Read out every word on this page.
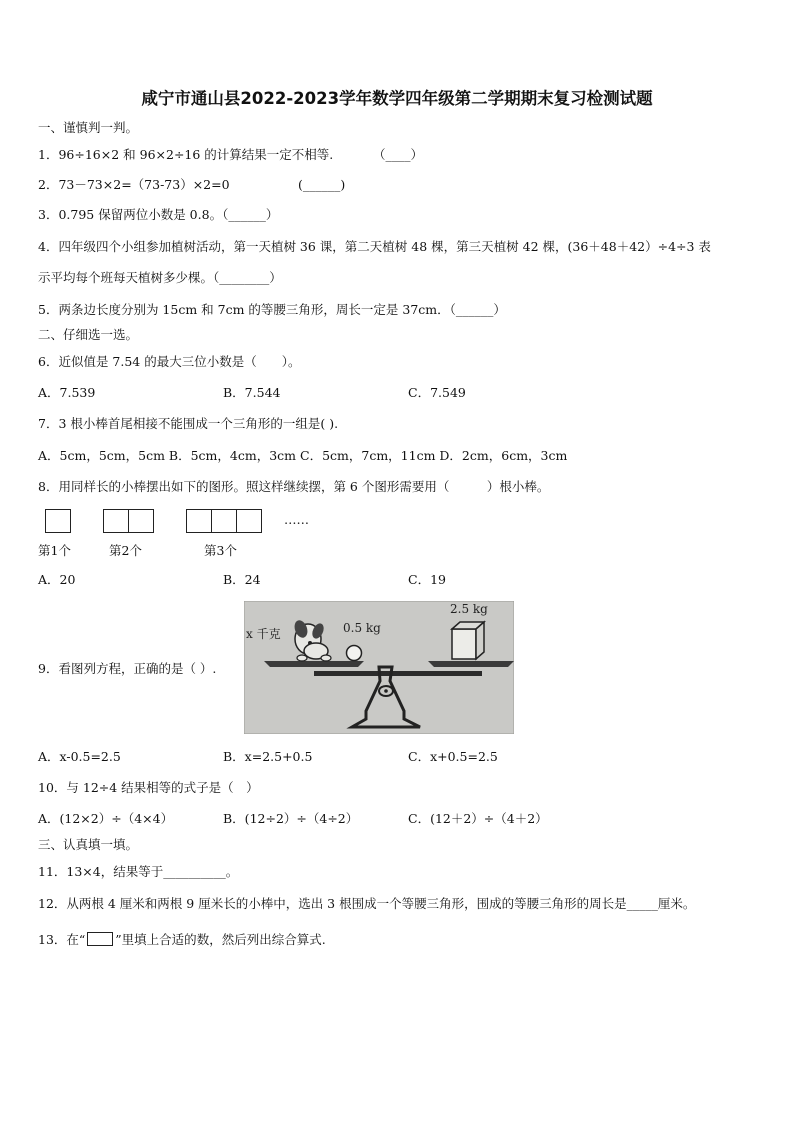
咸宁市通山县2022-2023学年数学四年级第二学期期末复习检测试题
一、谨慎判一判。
1．96÷16×2 和 96×2÷16 的计算结果一定不相等.	（____）
2．73－73×2=（73-73）×2=0	(______)
3．0.795 保留两位小数是 0.8。（______）
4．四年级四个小组参加植树活动，第一天植树 36 课，第二天植树 48 棵，第三天植树 42 棵，(36＋48＋42）÷4÷3 表
示平均每个班每天植树多少棵。（________）
5．两条边长度分别为 15cm 和 7cm 的等腰三角形，周长一定是 37cm．（______）
二、仔细选一选。
6．近似值是 7.54 的最大三位小数是（　　）。
A．7.539	B．7.544	C．7.549
7．3 根小棒首尾相接不能围成一个三角形的一组是( ).
A．5cm，5cm，5cm B．5cm，4cm，3cm C．5cm，7cm，11cm D．2cm，6cm，3cm
8．用同样长的小棒摆出如下的图形。照这样继续摆，第 6 个图形需要用（　　　）根小棒。
……
第1个	第2个	第3个
A．20	B．24	C．19
9．看图列方程，正确的是（ ）.
x 千克	0.5 kg
2.5 kg
A．x-0.5=2.5	B．x=2.5+0.5	C．x+0.5=2.5
10．与 12÷4 结果相等的式子是（　）
A．(12×2）÷（4×4）	B．(12÷2）÷（4÷2）	C．(12＋2）÷（4＋2）
三、认真填一填。
11．13×4，结果等于__________。
12．从两根 4 厘米和两根 9 厘米长的小棒中，选出 3 根围成一个等腰三角形，围成的等腰三角形的周长是_____厘米。
13．在“ ”里填上合适的数，然后列出综合算式.
